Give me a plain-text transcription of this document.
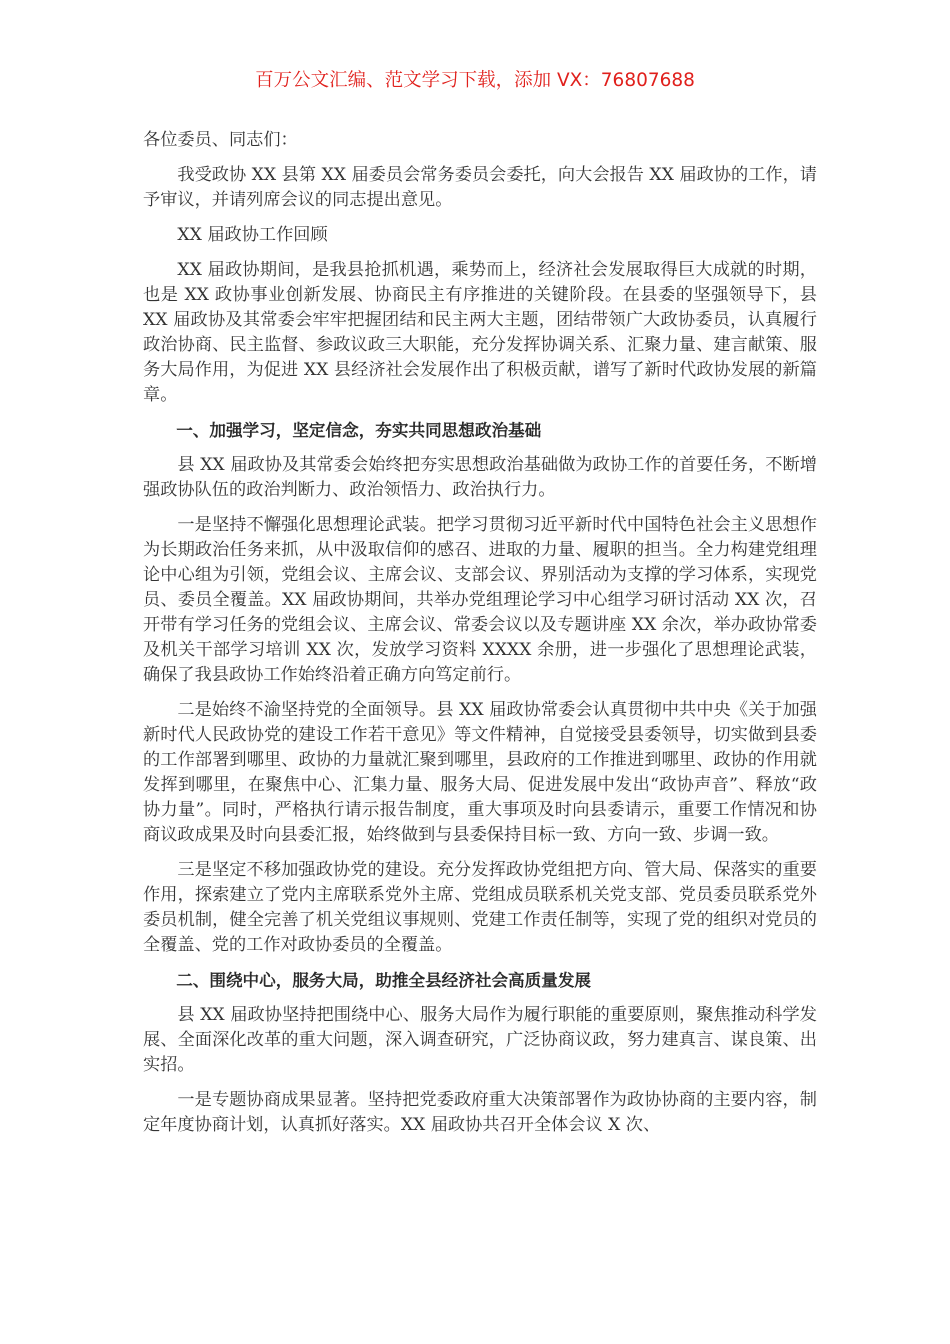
百万公文汇编、范文学习下载，添加 VX：76807688

各位委员、同志们：

我受政协 XX 县第 XX 届委员会常务委员会委托，向大会报告 XX 届政协的工作，请予审议，并请列席会议的同志提出意见。

XX 届政协工作回顾

XX 届政协期间，是我县抢抓机遇，乘势而上，经济社会发展取得巨大成就的时期，也是 XX 政协事业创新发展、协商民主有序推进的关键阶段。在县委的坚强领导下，县 XX 届政协及其常委会牢牢把握团结和民主两大主题，团结带领广大政协委员，认真履行政治协商、民主监督、参政议政三大职能，充分发挥协调关系、汇聚力量、建言献策、服务大局作用，为促进 XX 县经济社会发展作出了积极贡献，谱写了新时代政协发展的新篇章。

一、加强学习，坚定信念，夯实共同思想政治基础

县 XX 届政协及其常委会始终把夯实思想政治基础做为政协工作的首要任务，不断增强政协队伍的政治判断力、政治领悟力、政治执行力。

一是坚持不懈强化思想理论武装。把学习贯彻习近平新时代中国特色社会主义思想作为长期政治任务来抓，从中汲取信仰的感召、进取的力量、履职的担当。全力构建党组理论中心组为引领，党组会议、主席会议、支部会议、界别活动为支撑的学习体系，实现党员、委员全覆盖。XX 届政协期间，共举办党组理论学习中心组学习研讨活动 XX 次，召开带有学习任务的党组会议、主席会议、常委会议以及专题讲座 XX 余次，举办政协常委及机关干部学习培训 XX 次，发放学习资料 XXXX 余册，进一步强化了思想理论武装，确保了我县政协工作始终沿着正确方向笃定前行。

二是始终不渝坚持党的全面领导。县 XX 届政协常委会认真贯彻中共中央《关于加强新时代人民政协党的建设工作若干意见》等文件精神，自觉接受县委领导，切实做到县委的工作部署到哪里、政协的力量就汇聚到哪里，县政府的工作推进到哪里、政协的作用就发挥到哪里，在聚焦中心、汇集力量、服务大局、促进发展中发出“政协声音”、释放“政协力量”。同时，严格执行请示报告制度，重大事项及时向县委请示，重要工作情况和协商议政成果及时向县委汇报，始终做到与县委保持目标一致、方向一致、步调一致。

三是坚定不移加强政协党的建设。充分发挥政协党组把方向、管大局、保落实的重要作用，探索建立了党内主席联系党外主席、党组成员联系机关党支部、党员委员联系党外委员机制，健全完善了机关党组议事规则、党建工作责任制等，实现了党的组织对党员的全覆盖、党的工作对政协委员的全覆盖。

二、围绕中心，服务大局，助推全县经济社会高质量发展

县 XX 届政协坚持把围绕中心、服务大局作为履行职能的重要原则，聚焦推动科学发展、全面深化改革的重大问题，深入调查研究，广泛协商议政，努力建真言、谋良策、出实招。

一是专题协商成果显著。坚持把党委政府重大决策部署作为政协协商的主要内容，制定年度协商计划，认真抓好落实。XX 届政协共召开全体会议 X 次、
